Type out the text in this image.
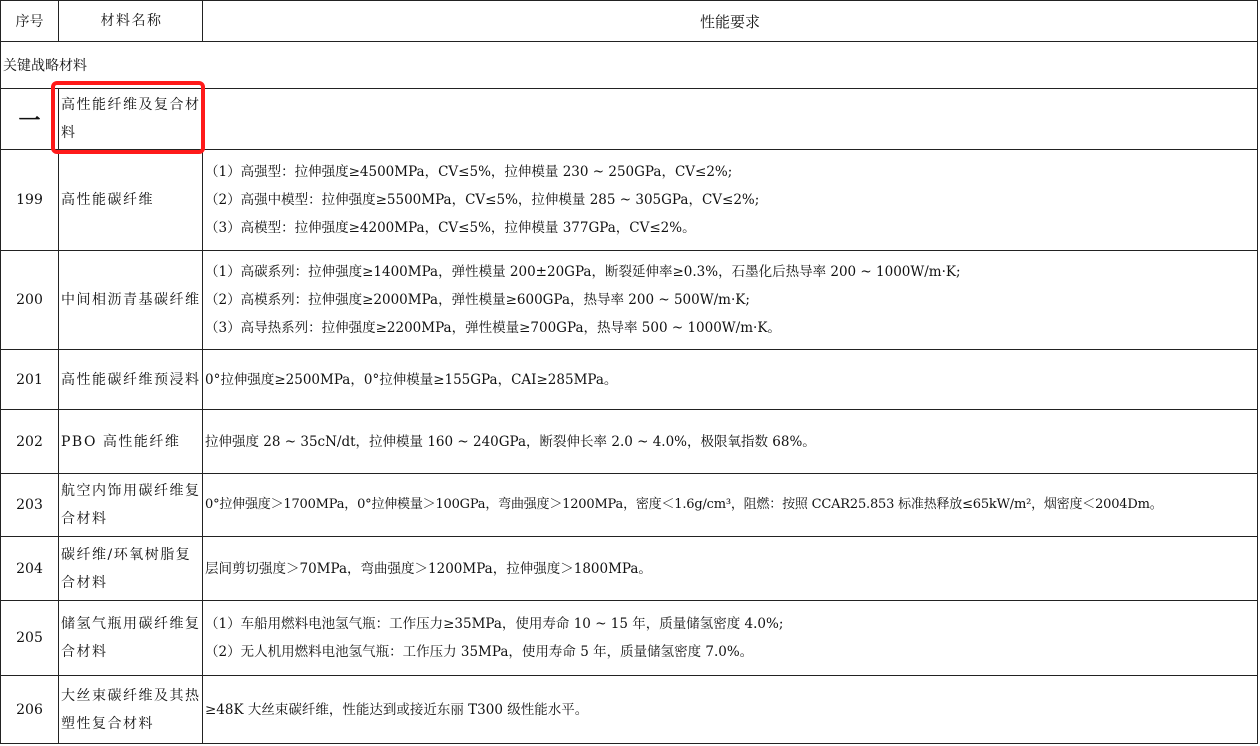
序号	材料名称	性能要求
关键战略材料		
一	高性能纤维及复合材料	
199	高性能碳纤维	（1）高强型：拉伸强度≥4500MPa，CV≤5%，拉伸模量 230 ~ 250GPa，CV≤2%;
（2）高强中模型：拉伸强度≥5500MPa，CV≤5%，拉伸模量 285 ~ 305GPa，CV≤2%;
（3）高模型：拉伸强度≥4200MPa，CV≤5%，拉伸模量 377GPa，CV≤2%。

200	中间相沥青基碳纤维	（1）高碳系列：拉伸强度≥1400MPa，弹性模量 200±20GPa，断裂延伸率≥0.3%，石墨化后热导率 200 ~ 1000W/m·K;
（2）高模系列：拉伸强度≥2000MPa，弹性模量≥600GPa，热导率 200 ~ 500W/m·K;
（3）高导热系列：拉伸强度≥2200MPa，弹性模量≥700GPa，热导率 500 ~ 1000W/m·K。

201	高性能碳纤维预浸料	0°拉伸强度≥2500MPa，0°拉伸模量≥155GPa，CAI≥285MPa。

202	PBO 高性能纤维	拉伸强度 28 ~ 35cN/dt，拉伸模量 160 ~ 240GPa，断裂伸长率 2.0 ~ 4.0%，极限氧指数 68%。

203	航空内饰用碳纤维复合材料	0°拉伸强度＞1700MPa，0°拉伸模量＞100GPa，弯曲强度＞1200MPa，密度＜1.6g/cm³，阻燃：按照 CCAR25.853 标准热释放≤65kW/m²，烟密度＜2004Dm。

204	碳纤维/环氧树脂复合材料	层间剪切强度＞70MPa，弯曲强度＞1200MPa，拉伸强度＞1800MPa。

205	储氢气瓶用碳纤维复合材料	（1）车船用燃料电池氢气瓶：工作压力≥35MPa，使用寿命 10 ~ 15 年，质量储氢密度 4.0%;
（2）无人机用燃料电池氢气瓶：工作压力 35MPa，使用寿命 5 年，质量储氢密度 7.0%。

206	大丝束碳纤维及其热塑性复合材料	≥48K 大丝束碳纤维，性能达到或接近东丽 T300 级性能水平。
